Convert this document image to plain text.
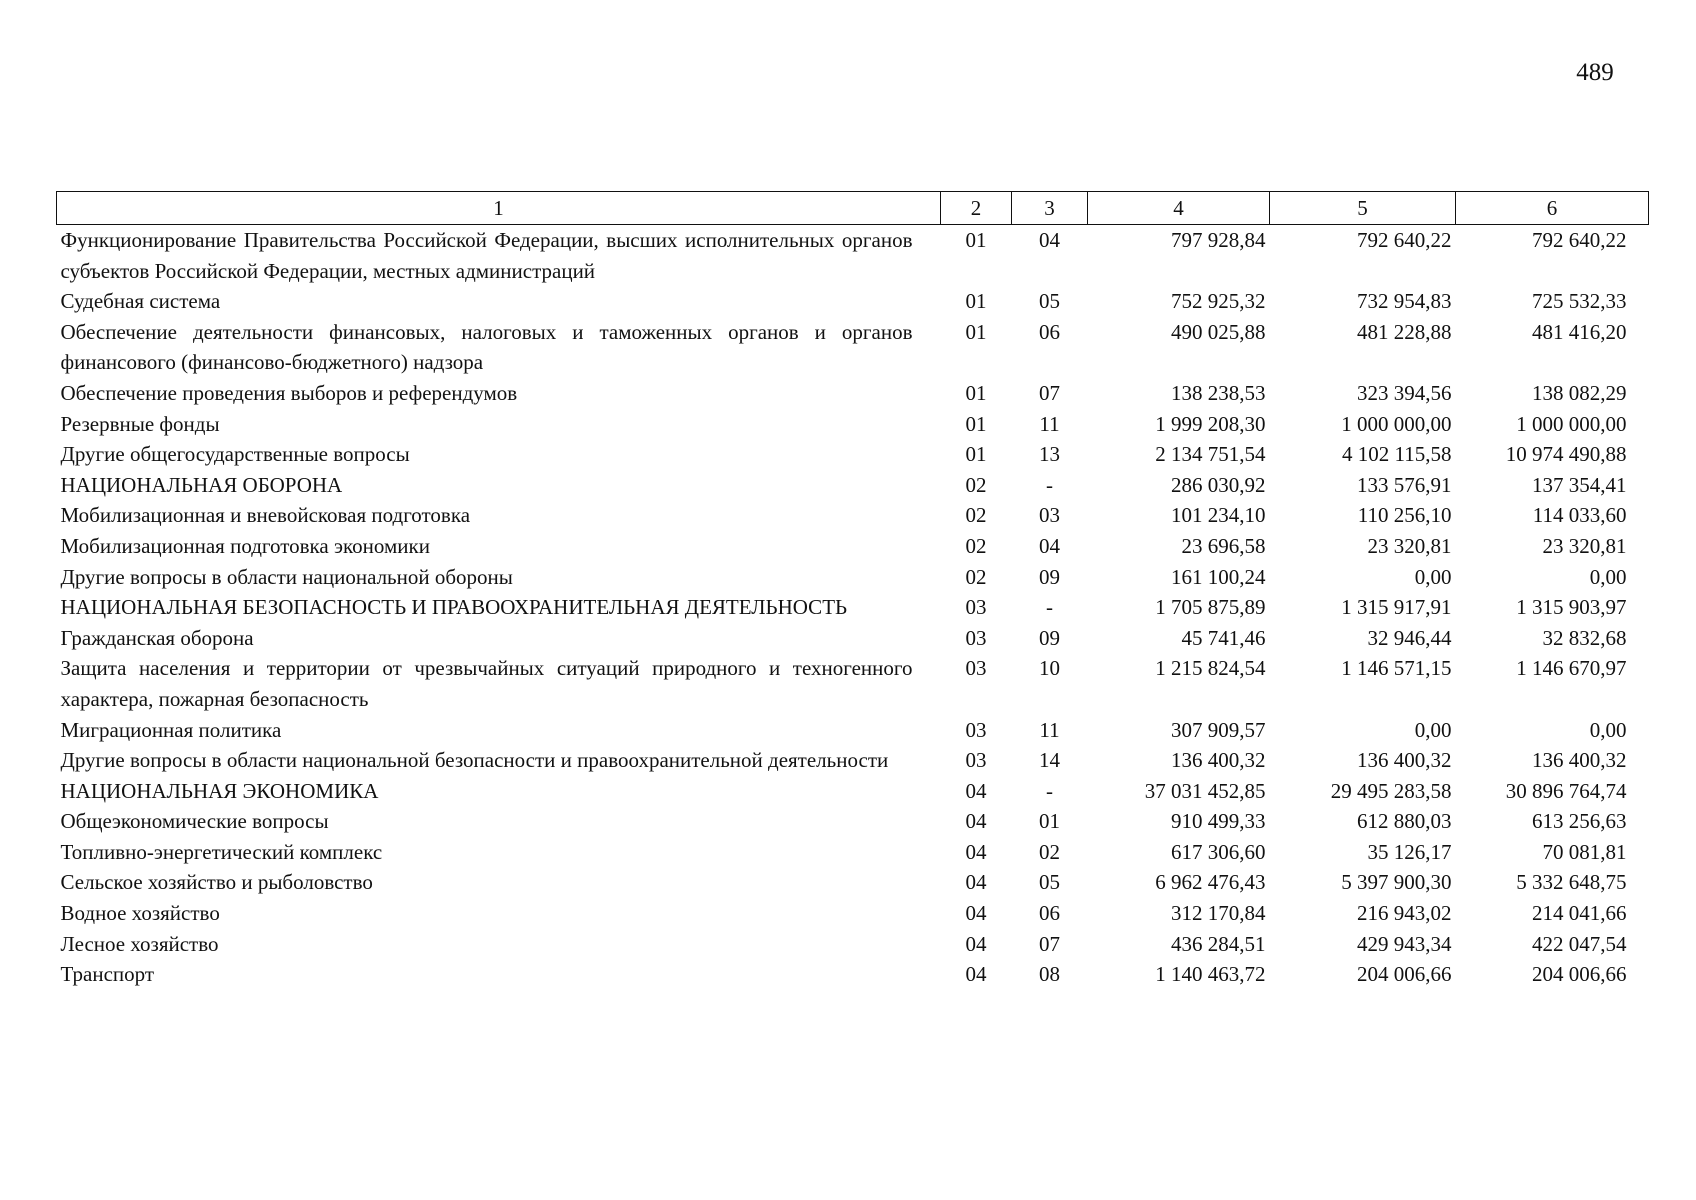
489
1	2	3	4	5	6
Функционирование Правительства Российской Федерации, высших исполнительных органов субъектов Российской Федерации, местных администраций	01	04	797 928,84	792 640,22	792 640,22
Судебная система	01	05	752 925,32	732 954,83	725 532,33
Обеспечение деятельности финансовых, налоговых и таможенных органов и органов финансового (финансово-бюджетного) надзора	01	06	490 025,88	481 228,88	481 416,20
Обеспечение проведения выборов и референдумов	01	07	138 238,53	323 394,56	138 082,29
Резервные фонды	01	11	1 999 208,30	1 000 000,00	1 000 000,00
Другие общегосударственные вопросы	01	13	2 134 751,54	4 102 115,58	10 974 490,88
НАЦИОНАЛЬНАЯ ОБОРОНА	02	-	286 030,92	133 576,91	137 354,41
Мобилизационная и вневойсковая подготовка	02	03	101 234,10	110 256,10	114 033,60
Мобилизационная подготовка экономики	02	04	23 696,58	23 320,81	23 320,81
Другие вопросы в области национальной обороны	02	09	161 100,24	0,00	0,00
НАЦИОНАЛЬНАЯ БЕЗОПАСНОСТЬ И ПРАВООХРАНИТЕЛЬНАЯ ДЕЯТЕЛЬНОСТЬ	03	-	1 705 875,89	1 315 917,91	1 315 903,97
Гражданская оборона	03	09	45 741,46	32 946,44	32 832,68
Защита населения и территории от чрезвычайных ситуаций природного и техногенного характера, пожарная безопасность	03	10	1 215 824,54	1 146 571,15	1 146 670,97
Миграционная политика	03	11	307 909,57	0,00	0,00
Другие вопросы в области национальной безопасности и правоохранительной деятельности	03	14	136 400,32	136 400,32	136 400,32
НАЦИОНАЛЬНАЯ ЭКОНОМИКА	04	-	37 031 452,85	29 495 283,58	30 896 764,74
Общеэкономические вопросы	04	01	910 499,33	612 880,03	613 256,63
Топливно-энергетический комплекс	04	02	617 306,60	35 126,17	70 081,81
Сельское хозяйство и рыболовство	04	05	6 962 476,43	5 397 900,30	5 332 648,75
Водное хозяйство	04	06	312 170,84	216 943,02	214 041,66
Лесное хозяйство	04	07	436 284,51	429 943,34	422 047,54
Транспорт	04	08	1 140 463,72	204 006,66	204 006,66
